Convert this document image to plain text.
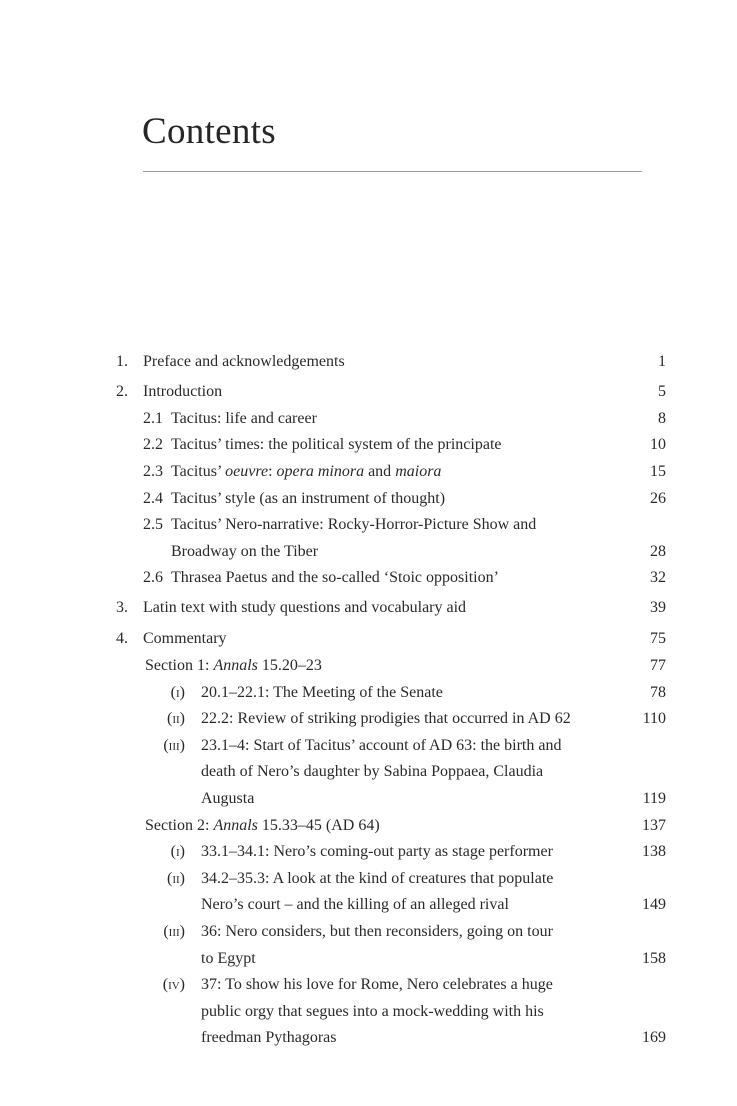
Contents
1. Preface and acknowledgements	1
2. Introduction	5
2.1 Tacitus: life and career	8
2.2 Tacitus’ times: the political system of the principate	10
2.3 Tacitus’ oeuvre: opera minora and maiora	15
2.4 Tacitus’ style (as an instrument of thought)	26
2.5 Tacitus’ Nero-narrative: Rocky-Horror-Picture Show and
Broadway on the Tiber	28
2.6 Thrasea Paetus and the so-called ‘Stoic opposition’	32
3. Latin text with study questions and vocabulary aid	39
4. Commentary	75
Section 1: Annals 15.20–23	77
(i) 20.1–22.1: The Meeting of the Senate	78
(ii) 22.2: Review of striking prodigies that occurred in AD 62	110
(iii) 23.1–4: Start of Tacitus’ account of AD 63: the birth and
death of Nero’s daughter by Sabina Poppaea, Claudia
Augusta	119
Section 2: Annals 15.33–45 (AD 64)	137
(i) 33.1–34.1: Nero’s coming-out party as stage performer	138
(ii) 34.2–35.3: A look at the kind of creatures that populate
Nero’s court – and the killing of an alleged rival	149
(iii) 36: Nero considers, but then reconsiders, going on tour
to Egypt	158
(iv) 37: To show his love for Rome, Nero celebrates a huge
public orgy that segues into a mock-wedding with his
freedman Pythagoras	169
